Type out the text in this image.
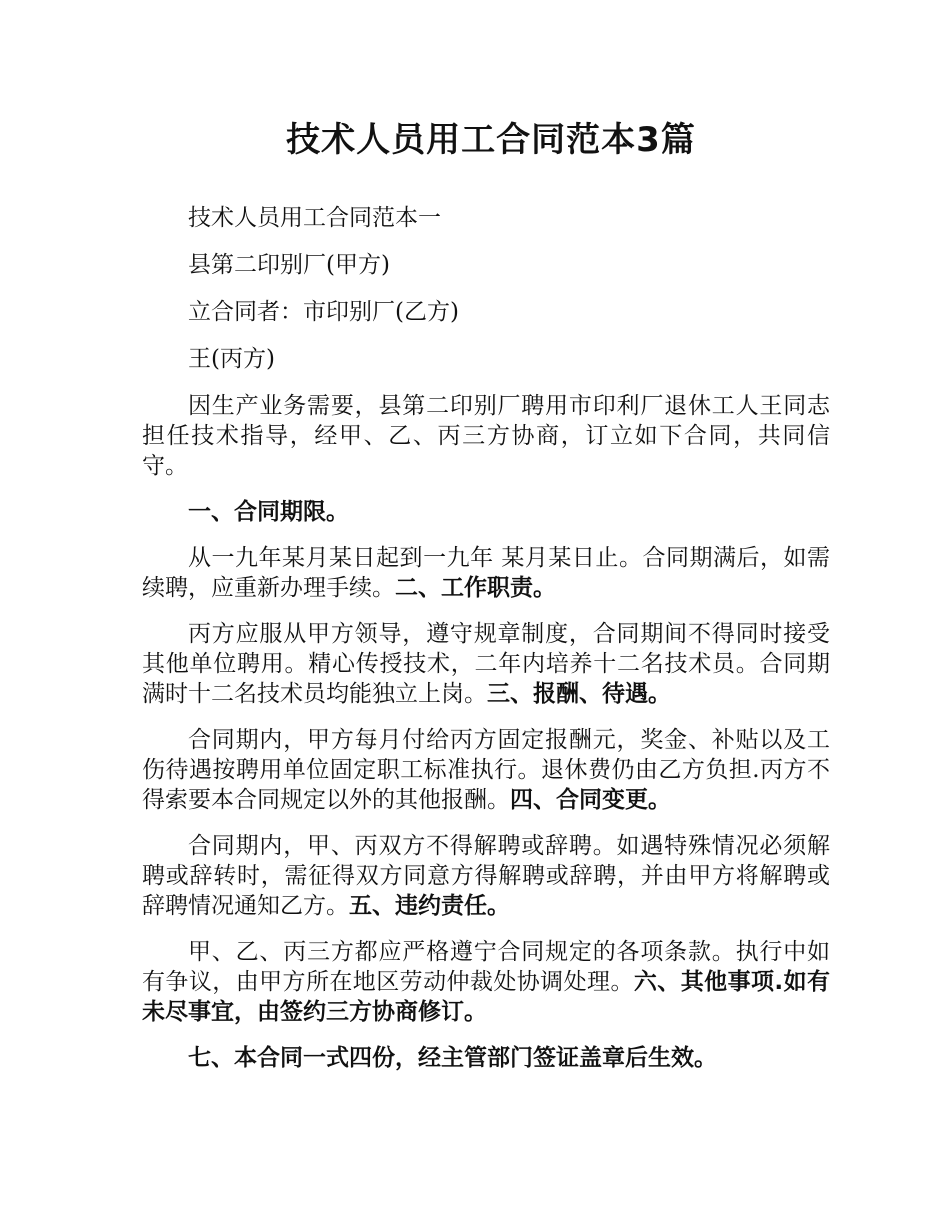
技术人员用工合同范本3篇

技术人员用工合同范本一

县第二印别厂(甲方)

立合同者：市印别厂(乙方)

王(丙方)

因生产业务需要，县第二印别厂聘用市印利厂退休工人王同志担任技术指导，经甲、乙、丙三方协商，订立如下合同，共同信守。

一、合同期限。

从一九年某月某日起到一九年 某月某日止。合同期满后，如需续聘，应重新办理手续。二、工作职责。

丙方应服从甲方领导，遵守规章制度，合同期间不得同时接受其他单位聘用。精心传授技术，二年内培养十二名技术员。合同期满时十二名技术员均能独立上岗。三、报酬、待遇。

合同期内，甲方每月付给丙方固定报酬元，奖金、补贴以及工伤待遇按聘用单位固定职工标准执行。退休费仍由乙方负担.丙方不得索要本合同规定以外的其他报酬。四、合同变更。

合同期内，甲、丙双方不得解聘或辞聘。如遇特殊情况必须解聘或辞转时，需征得双方同意方得解聘或辞聘，并由甲方将解聘或辞聘情况通知乙方。五、违约责任。

甲、乙、丙三方都应严格遵宁合同规定的各项条款。执行中如有争议，由甲方所在地区劳动仲裁处协调处理。六、其他事项.如有未尽事宜，由签约三方协商修订。

七、本合同一式四份，经主管部门签证盖章后生效。
